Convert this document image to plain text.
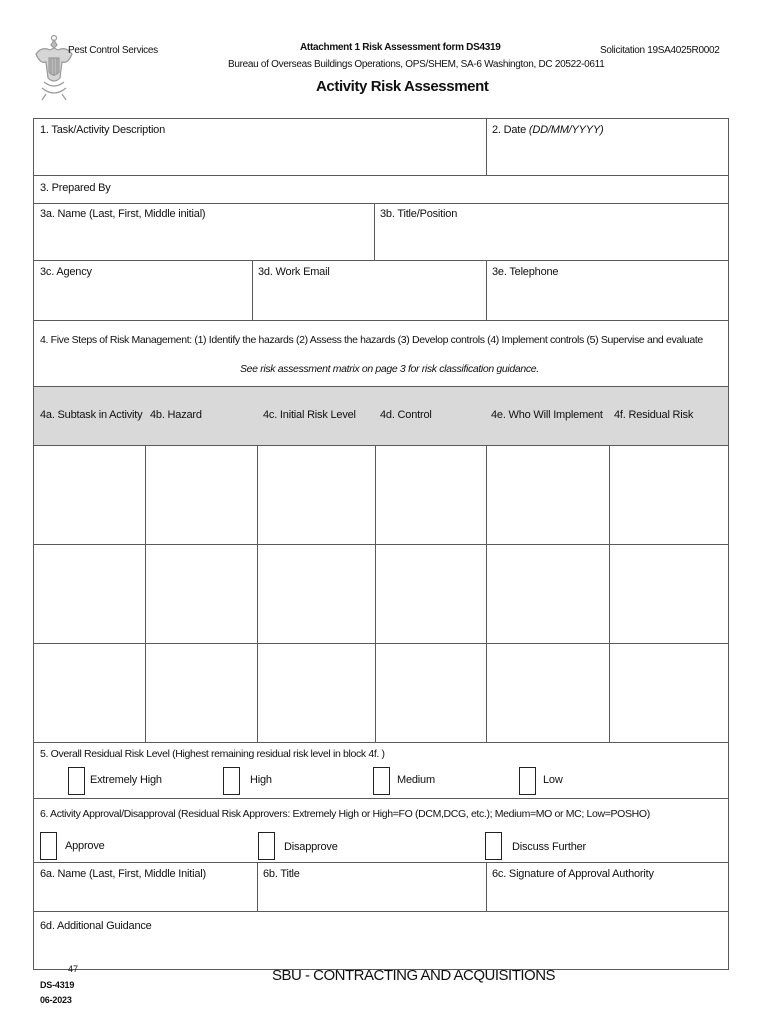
Pest Control Services	Attachment 1 Risk Assessment form DS4319
Bureau of Overseas Buildings Operations, OPS/SHEM, SA-6 Washington, DC 20522-0611
Solicitation 19SA4025R0002
Activity Risk Assessment
1. Task/Activity Description	2. Date (DD/MM/YYYY)
3. Prepared By
3a. Name (Last, First, Middle initial)	3b. Title/Position
3c. Agency	3d. Work Email	3e. Telephone
4. Five Steps of Risk Management: (1) Identify the hazards (2) Assess the hazards (3) Develop controls (4) Implement controls (5) Supervise and evaluate
See risk assessment matrix on page 3 for risk classification guidance.
4a. Subtask in Activity 4b. Hazard	4c. Initial Risk Level 4d. Control	4e. Who Will Implement 4f. Residual Risk
5. Overall Residual Risk Level (Highest remaining residual risk level in block 4f. )
Extremely High	High	Medium	Low
6. Activity Approval/Disapproval (Residual Risk Approvers: Extremely High or High=FO (DCM,DCG, etc.); Medium=MO or MC; Low=POSHO)
Approve	Disapprove	Discuss Further
6a. Name (Last, First, Middle Initial)	6b. Title	6c. Signature of Approval Authority
6d. Additional Guidance
47
DS-4319
06-2023
SBU - CONTRACTING AND ACQUISITIONS
